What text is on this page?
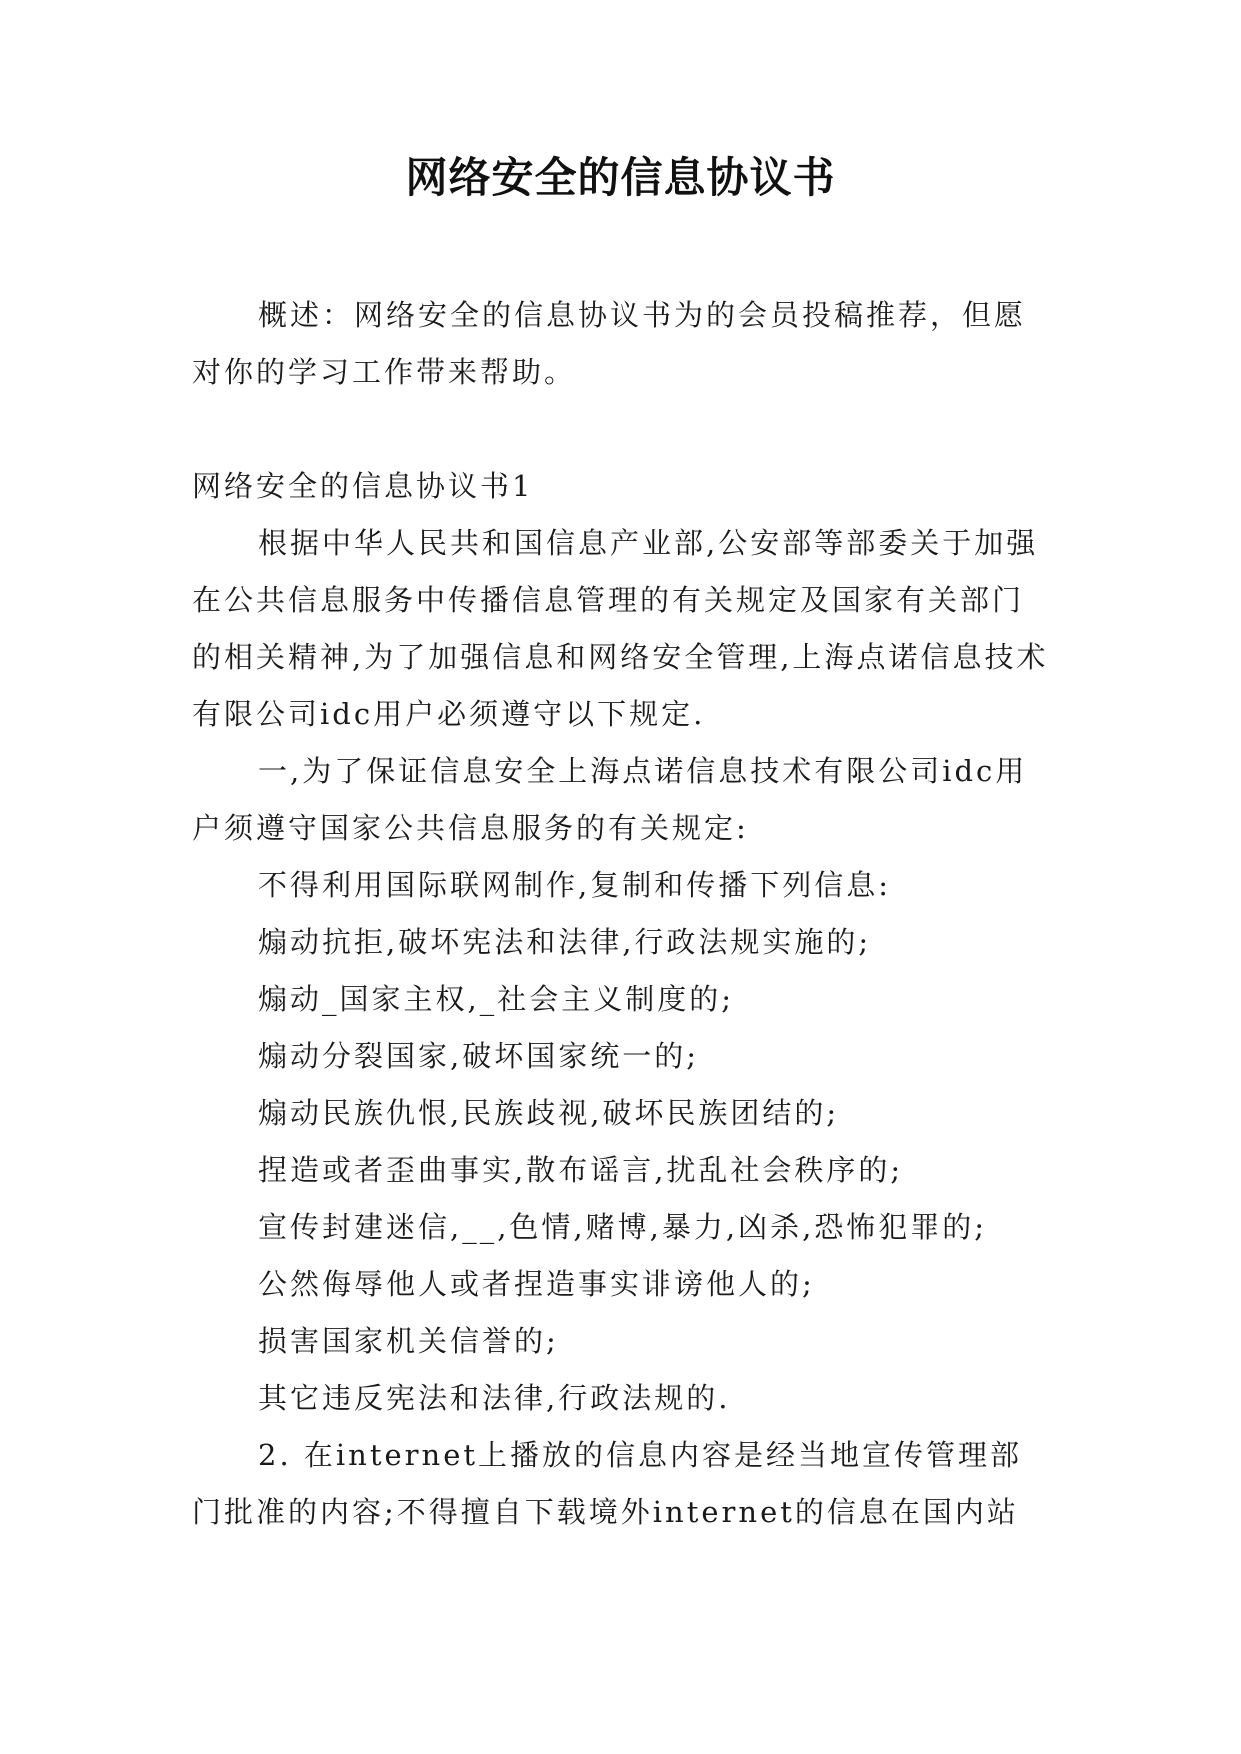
网络安全的信息协议书

概述：网络安全的信息协议书为的会员投稿推荐，但愿对你的学习工作带来帮助。

网络安全的信息协议书1

根据中华人民共和国信息产业部,公安部等部委关于加强在公共信息服务中传播信息管理的有关规定及国家有关部门的相关精神,为了加强信息和网络安全管理,上海点诺信息技术有限公司idc用户必须遵守以下规定.

一,为了保证信息安全上海点诺信息技术有限公司idc用户须遵守国家公共信息服务的有关规定:

不得利用国际联网制作,复制和传播下列信息:

煽动抗拒,破坏宪法和法律,行政法规实施的;

煽动_国家主权,_社会主义制度的;

煽动分裂国家,破坏国家统一的;

煽动民族仇恨,民族歧视,破坏民族团结的;

捏造或者歪曲事实,散布谣言,扰乱社会秩序的;

宣传封建迷信,__,色情,赌博,暴力,凶杀,恐怖犯罪的;

公然侮辱他人或者捏造事实诽谤他人的;

损害国家机关信誉的;

其它违反宪法和法律,行政法规的.

2. 在internet上播放的信息内容是经当地宣传管理部门批准的内容;不得擅自下载境外internet的信息在国内站
